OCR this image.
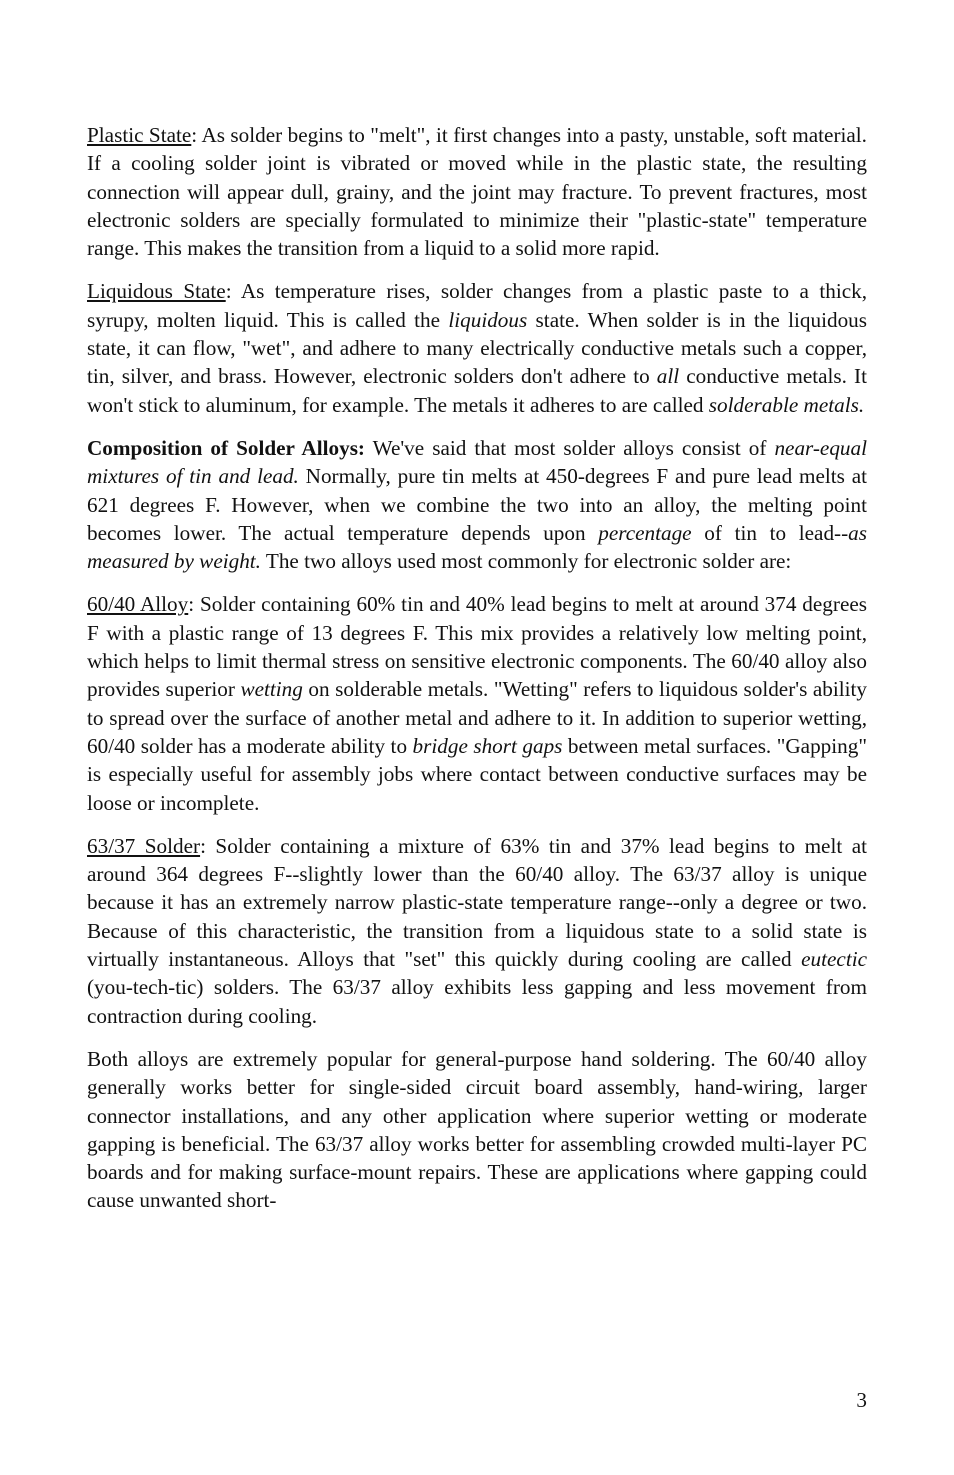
Plastic State: As solder begins to "melt", it first changes into a pasty, unstable, soft material. If a cooling solder joint is vibrated or moved while in the plastic state, the resulting connection will appear dull, grainy, and the joint may fracture. To prevent fractures, most electronic solders are specially formulated to minimize their "plastic-state" temperature range. This makes the transition from a liquid to a solid more rapid.

Liquidous State: As temperature rises, solder changes from a plastic paste to a thick, syrupy, molten liquid. This is called the liquidous state. When solder is in the liquidous state, it can flow, "wet", and adhere to many electrically conductive metals such a copper, tin, silver, and brass. However, electronic solders don't adhere to all conductive metals. It won't stick to aluminum, for example. The metals it adheres to are called solderable metals.

Composition of Solder Alloys: We've said that most solder alloys consist of near-equal mixtures of tin and lead. Normally, pure tin melts at 450-degrees F and pure lead melts at 621 degrees F. However, when we combine the two into an alloy, the melting point becomes lower. The actual temperature depends upon percentage of tin to lead--as measured by weight. The two alloys used most commonly for electronic solder are:

60/40 Alloy: Solder containing 60% tin and 40% lead begins to melt at around 374 degrees F with a plastic range of 13 degrees F. This mix provides a relatively low melting point, which helps to limit thermal stress on sensitive electronic components. The 60/40 alloy also provides superior wetting on solderable metals. "Wetting" refers to liquidous solder's ability to spread over the surface of another metal and adhere to it. In addition to superior wetting, 60/40 solder has a moderate ability to bridge short gaps between metal surfaces. "Gapping" is especially useful for assembly jobs where contact between conductive surfaces may be loose or incomplete.

63/37 Solder: Solder containing a mixture of 63% tin and 37% lead begins to melt at around 364 degrees F--slightly lower than the 60/40 alloy. The 63/37 alloy is unique because it has an extremely narrow plastic-state temperature range--only a degree or two. Because of this characteristic, the transition from a liquidous state to a solid state is virtually instantaneous. Alloys that "set" this quickly during cooling are called eutectic (you-tech-tic) solders. The 63/37 alloy exhibits less gapping and less movement from contraction during cooling.

Both alloys are extremely popular for general-purpose hand soldering. The 60/40 alloy generally works better for single-sided circuit board assembly, hand-wiring, larger connector installations, and any other application where superior wetting or moderate gapping is beneficial. The 63/37 alloy works better for assembling crowded multi-layer PC boards and for making surface-mount repairs. These are applications where gapping could cause unwanted short-

3
